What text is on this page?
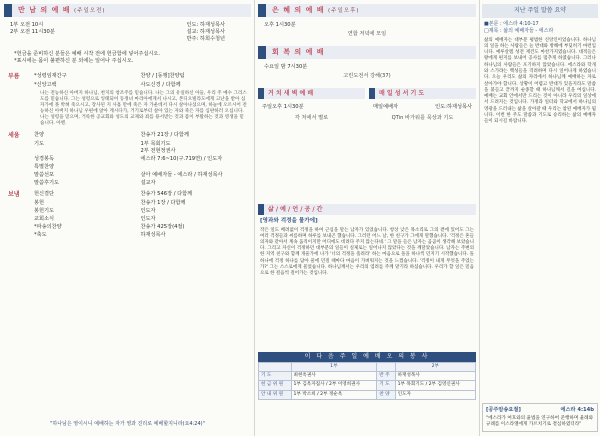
만 남 의 예 배 (주일오전)
1부 오전 10시
2부 오전 11시30분
인도: 하재성목사
설교: 하재성목사
반주: 하희수청년
*헌금을 준비하신 분들은 예배 시작 전에 헌금함에 넣어주십시오.
*표시에는 몸이 불편하신 분 외에는 일어나 주십시오.
부름	*성령임재간구	찬양 / [동행]찬양팀
*신앙고백	사도신경 / 다함께
나는 전능하신 아버지 하나님, 천지의 창조주를 믿습니다. 나는 그의 유일하신 아들, 우리 주 예수 그리스도를 믿습니다. 그는 성령으로 잉태되어 동정녀 마리아에게서 나시고, 본디오빌라도에게 고난을 받아 십자가에 못 박혀 죽으시고, 장사된 지 사흘 만에 죽은 자 가운데서 다시 살아나셨으며, 하늘에 오르시어 전능하신 아버지 하나님 우편에 앉아 계시다가, 거기로부터 살아 있는 자와 죽은 자를 심판하러 오십니다. 나는 성령을 믿으며, 거룩한 공교회와 성도의 교제와 죄를 용서받는 것과 몸이 부활하는 것과 영생을 믿습니다. 아멘.
세움	찬양	찬송가 21장 / 다함께
기도	1부 목회기도
2부 전현정권사
성경봉독	에스라 7:6~10(구.719면) / 인도자
특별찬양
말씀선포	살아 예배자들 - 에스라 / 하재성목사
말씀후기도	설교자
보냄	헌신결단	찬송가 546장 / 다함께
봉헌	찬송가 1장 / 다함께
봉헌기도	인도자
교회소식	인도자
*파송의찬양	찬송가 425장(4절)
*축도	하재성목사
"하나님은 영이시니 예배하는 자가 영과 진리로 예배할지니라(요4:24)"
은 혜 의 예 배 (주일오후)
오후 1시30분
연합 저녁에 모임
회 복 의 예 배
수요일 밤 7시30분
고린도전서 강해(37)
거 치 새 벽 예 배
주일오후 1시30분
각 처에서 별로
매 일 성 서 기 도
매일예배자	인도:하재성목사
QTin 바가워를 묵상과 기도
삶 / 예 / 언 / 공 / 간
[영과와 걱정을 물가에]
작은 일도 배려없이 걱정을 하여 근심을 말는 남자가 있었습니다. 항상 낮은 목소리로 그의 곁에 있어도 그는 여러 걱정들과 씨름하며 하루를 보내곤 했습니다. 그러던 어느 날, 한 친구가 그에게 말했습니다. '걱정은 흔들의자와 같아서 계속 움직이지만 어디에도 데려다 주지 않는다네.' 그 말을 들은 남자는 곰곰이 생각해 보았습니다. 그리고 자신이 걱정하던 대부분의 일들이 실제로는 일어나지 않았다는 것을 깨달았습니다. 남자는 주변의 한 지역 친구와 함께 개울가에 나가 '너의 걱정을 흘려라' 하는 마음으로 돌을 하나씩 던지기 시작했습니다. 돌 하나에 걱정 하나를 담아 물에 던질 때마다 마음이 가벼워지는 것을 느꼈습니다. '걱정이 내게 무엇을 주었는가?' 그는 스스로에게 물었습니다. 하나님께서는 우리의 염려를 주께 맡기라 하셨습니다. 우리가 할 일은 믿음으로 한 걸음씩 걸어가는 것입니다.
이 다 음 주 일 예 배 오 의 봉 사
	1부		2부
기 도	최현옥권사	반 주	하재성목사
헌 금 위 원	1부 김옥자집사 / 2부 이영희권사	기 도	1부 목회기도 / 2부 김영신권사
안 내 위 원	1부 박소희 / 2부 정순옥	찬 양	인도자
지난 주일 말씀 요약
■본문 : 에스라 4:10-17
□제목 : 삶의 예배자들 - 에스라
삶의 예배자는 대부분 평범한 신앙인이었습니다. 하나님의 일을 하는 사람들은 늘 반대와 방해에 부딪히기 마련입니다. 예루살렘 성전 재건도 마찬가지였습니다. 대적들은 왕에게 편지를 보내어 공사를 멈추게 하였습니다. 그러나 하나님의 사람들은 포기하지 않았습니다. 에스라와 학개와 스가랴는 백성들을 격려하며 다시 일어나게 하였습니다. 오늘 우리도 삶의 자리에서 하나님께 예배하는 자로 살아가야 합니다. 상황이 어렵고 반대가 있을지라도 말씀을 붙들고 끝까지 순종할 때 하나님께서 길을 여십니다. 예배는 교회 안에서만 드리는 것이 아니라 우리의 일상에서 드려지는 것입니다. 가정과 일터와 학교에서 하나님의 영광을 드러내는 삶을 살아갈 때 우리는 참된 예배자가 됩니다. 이번 한 주도 말씀과 기도로 승리하는 삶의 예배자들이 되시길 바랍니다.
[공주암송요절]	에스라 4:14b
"에스라가 여호와의 율법을 연구하여 준행하며 율례와 규례를 이스라엘에게 가르치기로 결심하였더라"
